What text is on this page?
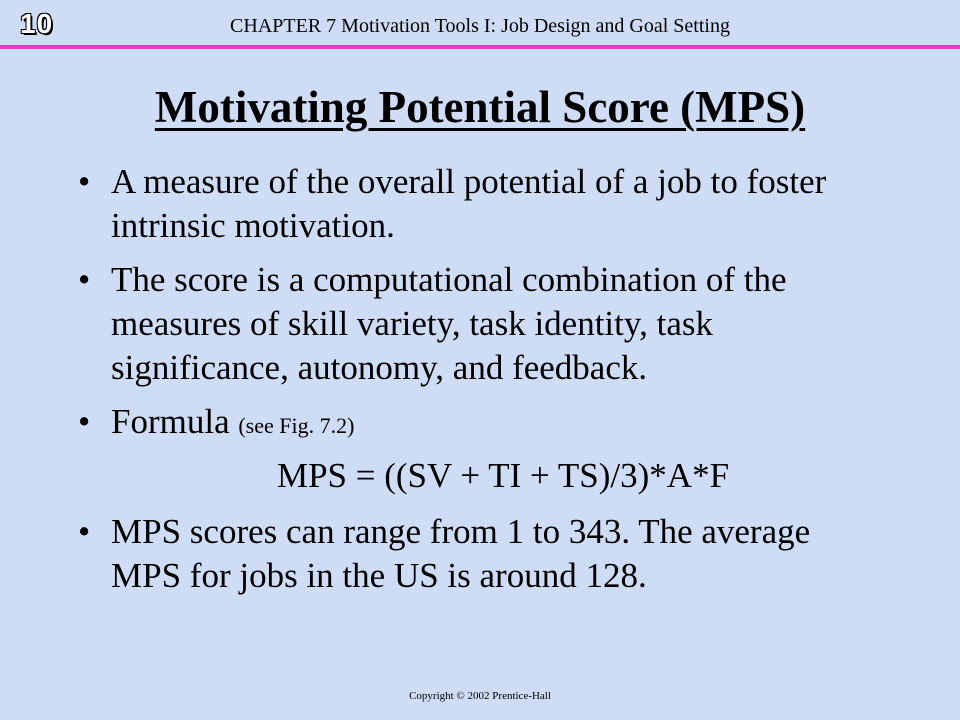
10	CHAPTER 7 Motivation Tools I: Job Design and Goal Setting
Motivating Potential Score (MPS)
• A measure of the overall potential of a job to foster intrinsic motivation.
• The score is a computational combination of the measures of skill variety, task identity, task significance, autonomy, and feedback.
• Formula (see Fig. 7.2)
MPS = ((SV + TI + TS)/3)*A*F
• MPS scores can range from 1 to 343. The average MPS for jobs in the US is around 128.
Copyright © 2002 Prentice-Hall
